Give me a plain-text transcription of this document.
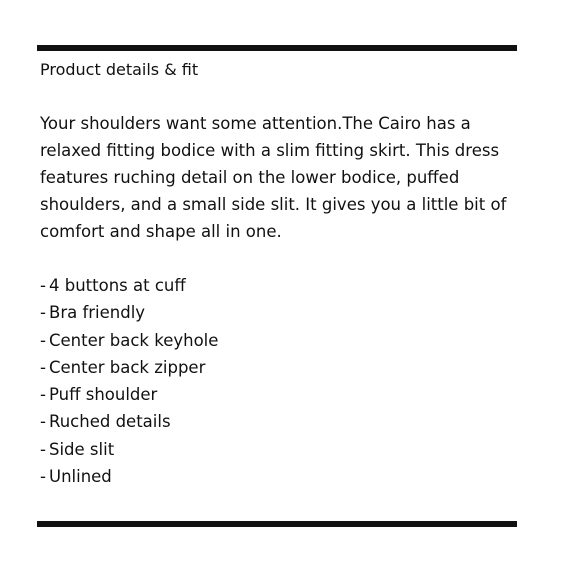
Product details & fit
Your shoulders want some attention.The Cairo has a
relaxed fitting bodice with a slim fitting skirt. This dress
features ruching detail on the lower bodice, puffed
shoulders, and a small side slit. It gives you a little bit of
comfort and shape all in one.
- 4 buttons at cuff
- Bra friendly
- Center back keyhole
- Center back zipper
- Puff shoulder
- Ruched details
- Side slit
- Unlined
